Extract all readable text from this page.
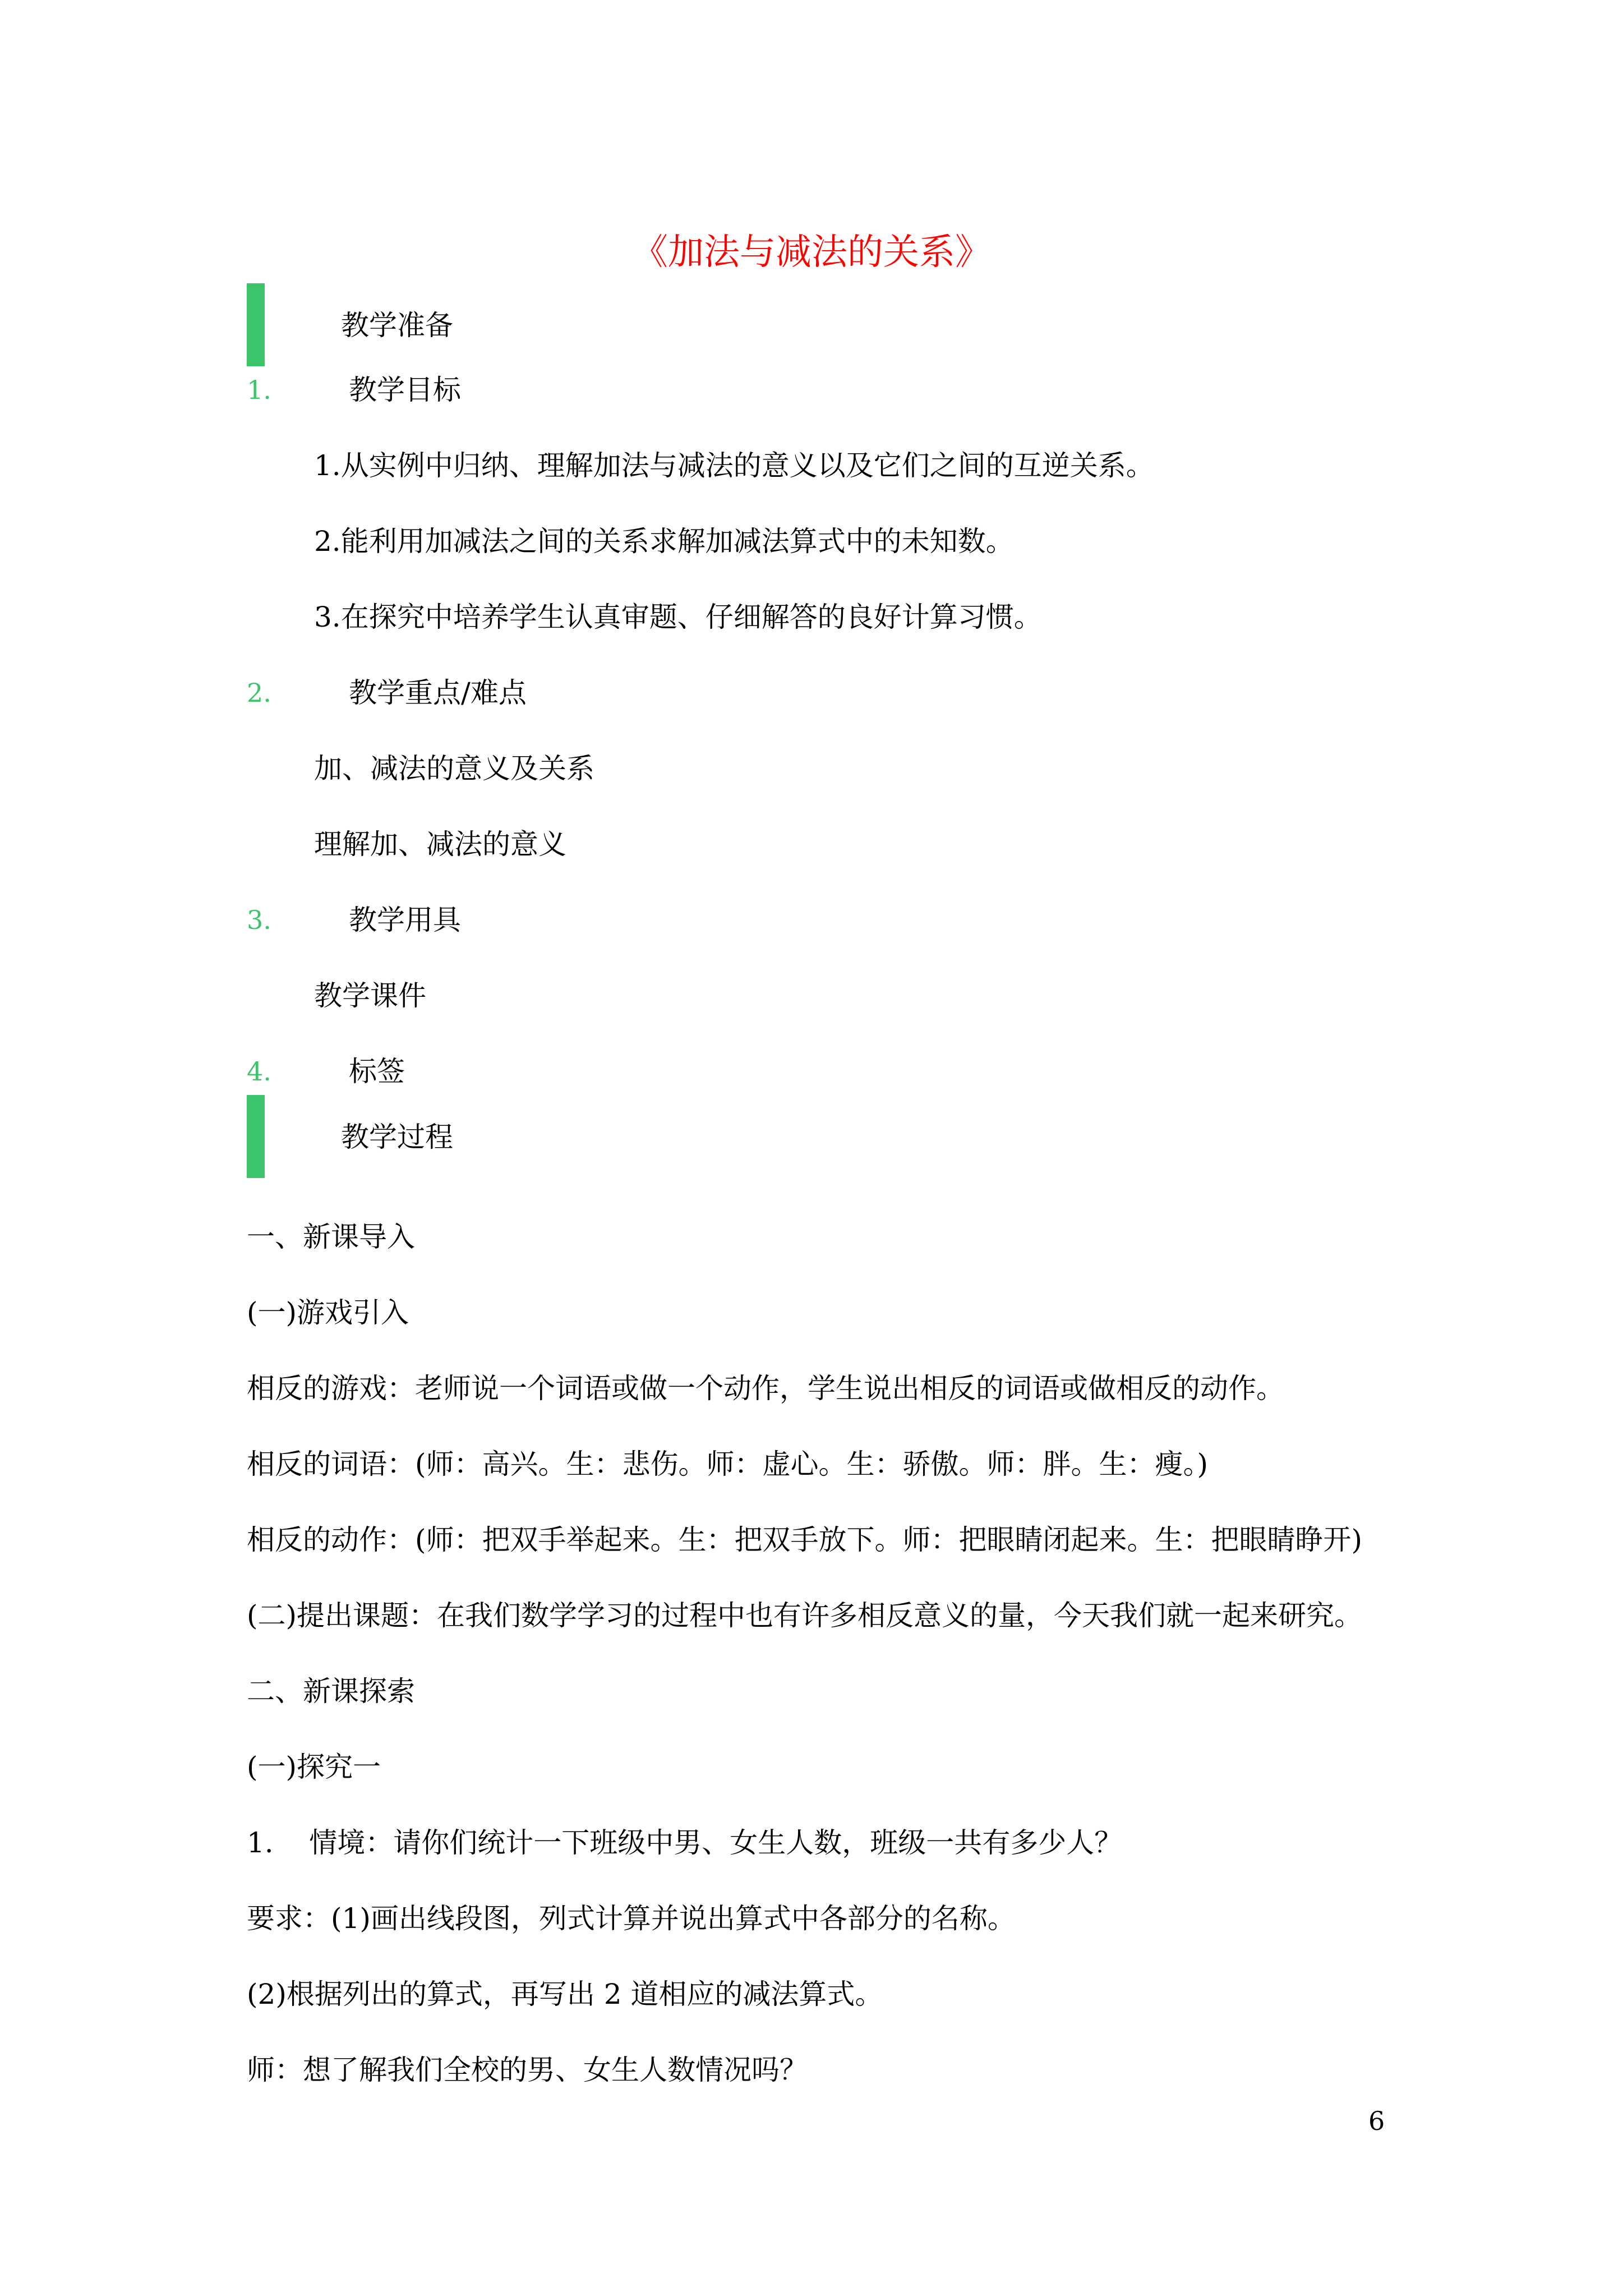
《加法与减法的关系》
教学准备
1.	教学目标
1.从实例中归纳、理解加法与减法的意义以及它们之间的互逆关系。
2.能利用加减法之间的关系求解加减法算式中的未知数。
3.在探究中培养学生认真审题、仔细解答的良好计算习惯。
2.	教学重点/难点
加、减法的意义及关系
理解加、减法的意义
3.	教学用具
教学课件
4.	标签
教学过程
一、新课导入
(一)游戏引入
相反的游戏：老师说一个词语或做一个动作，学生说出相反的词语或做相反的动作。
相反的词语：(师：高兴。生：悲伤。师：虚心。生：骄傲。师：胖。生：瘦。)
相反的动作：(师：把双手举起来。生：把双手放下。师：把眼睛闭起来。生：把眼睛睁开)
(二)提出课题：在我们数学学习的过程中也有许多相反意义的量，今天我们就一起来研究。
二、新课探索
(一)探究一
1.    情境：请你们统计一下班级中男、女生人数，班级一共有多少人？
要求：(1)画出线段图，列式计算并说出算式中各部分的名称。
(2)根据列出的算式，再写出 2 道相应的减法算式。
师：想了解我们全校的男、女生人数情况吗？
6
